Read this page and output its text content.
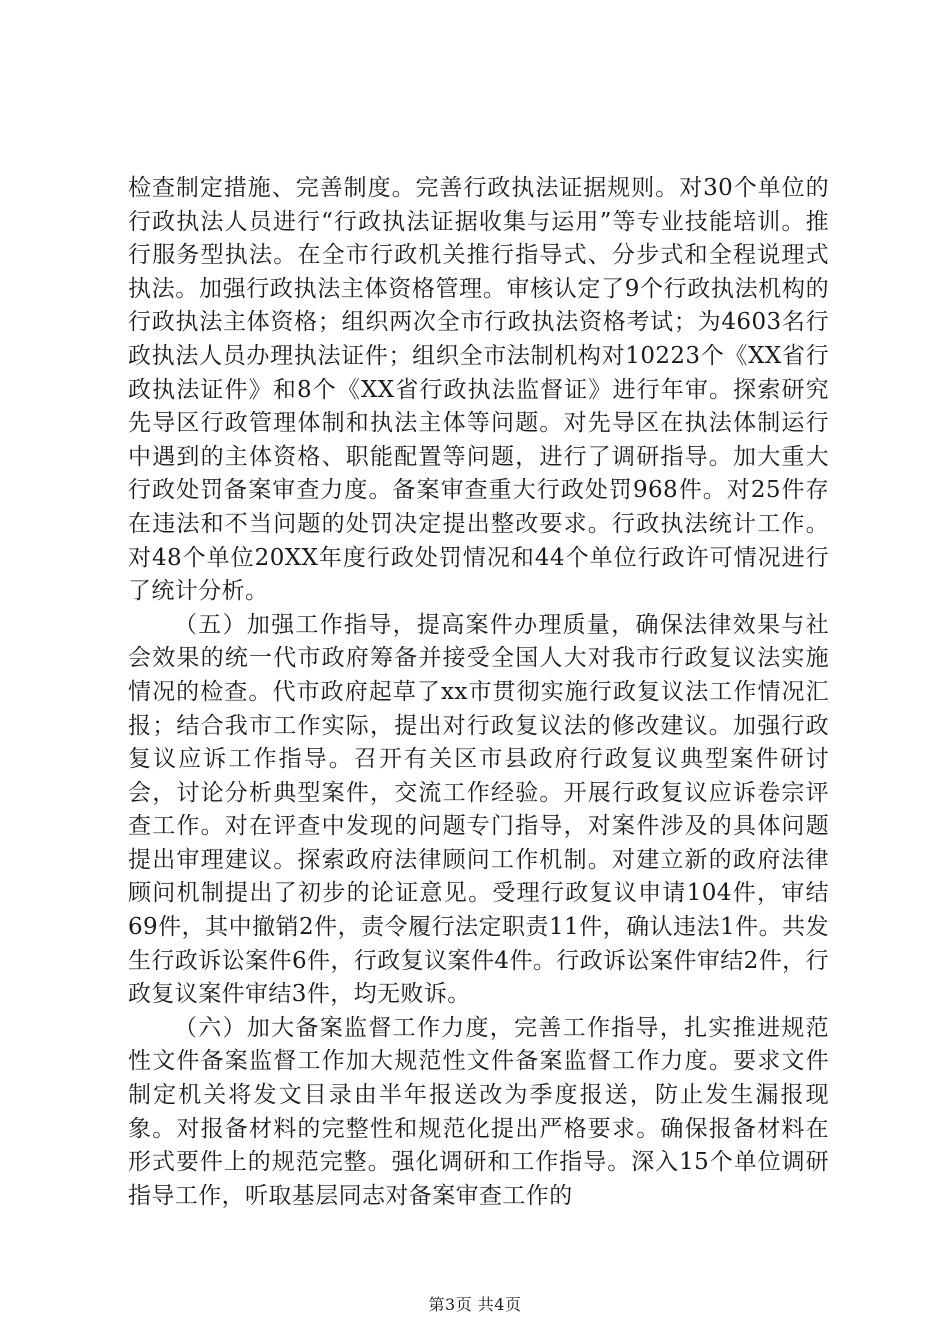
检查制定措施、完善制度。完善行政执法证据规则。对30个单位的行政执法人员进行“行政执法证据收集与运用”等专业技能培训。推行服务型执法。在全市行政机关推行指导式、分步式和全程说理式执法。加强行政执法主体资格管理。审核认定了9个行政执法机构的行政执法主体资格；组织两次全市行政执法资格考试；为4603名行政执法人员办理执法证件；组织全市法制机构对10223个《XX省行政执法证件》和8个《XX省行政执法监督证》进行年审。探索研究先导区行政管理体制和执法主体等问题。对先导区在执法体制运行中遇到的主体资格、职能配置等问题，进行了调研指导。加大重大行政处罚备案审查力度。备案审查重大行政处罚968件。对25件存在违法和不当问题的处罚决定提出整改要求。行政执法统计工作。对48个单位20XX年度行政处罚情况和44个单位行政许可情况进行了统计分析。

（五）加强工作指导，提高案件办理质量，确保法律效果与社会效果的统一代市政府筹备并接受全国人大对我市行政复议法实施情况的检查。代市政府起草了xx市贯彻实施行政复议法工作情况汇报；结合我市工作实际，提出对行政复议法的修改建议。加强行政复议应诉工作指导。召开有关区市县政府行政复议典型案件研讨会，讨论分析典型案件，交流工作经验。开展行政复议应诉卷宗评查工作。对在评查中发现的问题专门指导，对案件涉及的具体问题提出审理建议。探索政府法律顾问工作机制。对建立新的政府法律顾问机制提出了初步的论证意见。受理行政复议申请104件，审结69件，其中撤销2件，责令履行法定职责11件，确认违法1件。共发生行政诉讼案件6件，行政复议案件4件。行政诉讼案件审结2件，行政复议案件审结3件，均无败诉。

（六）加大备案监督工作力度，完善工作指导，扎实推进规范性文件备案监督工作加大规范性文件备案监督工作力度。要求文件制定机关将发文目录由半年报送改为季度报送，防止发生漏报现象。对报备材料的完整性和规范化提出严格要求。确保报备材料在形式要件上的规范完整。强化调研和工作指导。深入15个单位调研指导工作，听取基层同志对备案审查工作的

第3页 共4页
